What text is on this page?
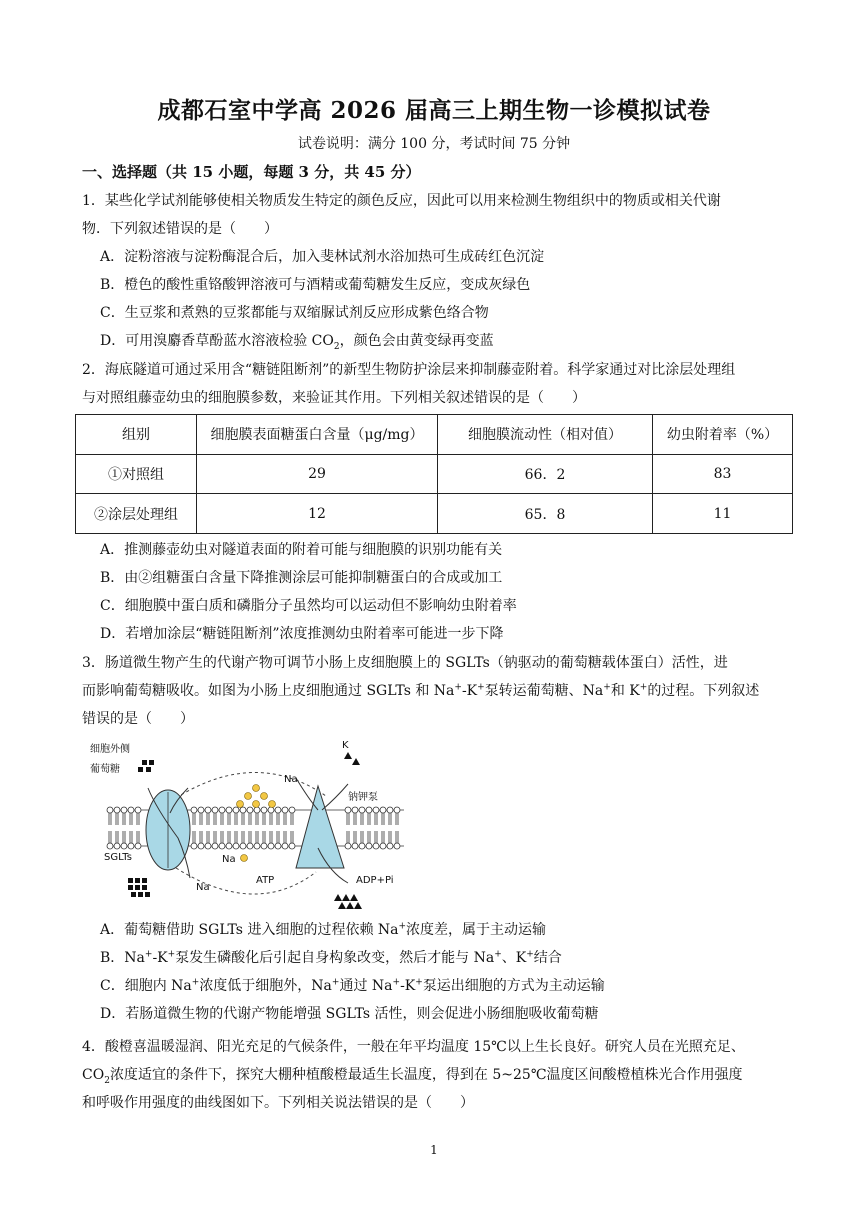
成都石室中学高 2026 届高三上期生物一诊模拟试卷
试卷说明：满分 100 分，考试时间 75 分钟
一、选择题（共 15 小题，每题 3 分，共 45 分）

1．某些化学试剂能够使相关物质发生特定的颜色反应，因此可以用来检测生物组织中的物质或相关代谢

物．下列叙述错误的是（　　）

A．淀粉溶液与淀粉酶混合后，加入斐林试剂水浴加热可生成砖红色沉淀

B．橙色的酸性重铬酸钾溶液可与酒精或葡萄糖发生反应，变成灰绿色

C．生豆浆和煮熟的豆浆都能与双缩脲试剂反应形成紫色络合物

D．可用溴麝香草酚蓝水溶液检验 $CO_2$，颜色会由黄变绿再变蓝

2．海底隧道可通过采用含“糖链阻断剂”的新型生物防护涂层来抑制藤壶附着。科学家通过对比涂层处理组

与对照组藤壶幼虫的细胞膜参数，来验证其作用。下列相关叙述错误的是（　　）

组别	细胞膜表面糖蛋白含量（μg/mg）	细胞膜流动性（相对值）	幼虫附着率（%）
①对照组	29	66．2	83
②涂层处理组	12	65．8	11

A．推测藤壶幼虫对隧道表面的附着可能与细胞膜的识别功能有关

B．由②组糖蛋白含量下降推测涂层可能抑制糖蛋白的合成或加工

C．细胞膜中蛋白质和磷脂分子虽然均可以运动但不影响幼虫附着率

D．若增加涂层“糖链阻断剂”浓度推测幼虫附着率可能进一步下降

3．肠道微生物产生的代谢产物可调节小肠上皮细胞膜上的 SGLTs（钠驱动的葡萄糖载体蛋白）活性，进

而影响葡萄糖吸收。如图为小肠上皮细胞通过 SGLTs 和 Na+-K+泵转运葡萄糖、Na+和 K+的过程。下列叙述

错误的是（　　）

细胞外侧
葡萄糖
SGLTs
Na
Na
Na
K
钠钾泵
ATP	ADP+Pi

A．葡萄糖借助 SGLTs 进入细胞的过程依赖 Na+浓度差，属于主动运输

B．Na+-K+泵发生磷酸化后引起自身构象改变，然后才能与 Na+、K+结合

C．细胞内 Na+浓度低于细胞外，Na+通过 Na+-K+泵运出细胞的方式为主动运输

D．若肠道微生物的代谢产物能增强 SGLTs 活性，则会促进小肠细胞吸收葡萄糖

4．酸橙喜温暖湿润、阳光充足的气候条件，一般在年平均温度 15℃以上生长良好。研究人员在光照充足、

$CO_2$浓度适宜的条件下，探究大棚种植酸橙最适生长温度，得到在 5~25℃温度区间酸橙植株光合作用强度

和呼吸作用强度的曲线图如下。下列相关说法错误的是（　　）

1
